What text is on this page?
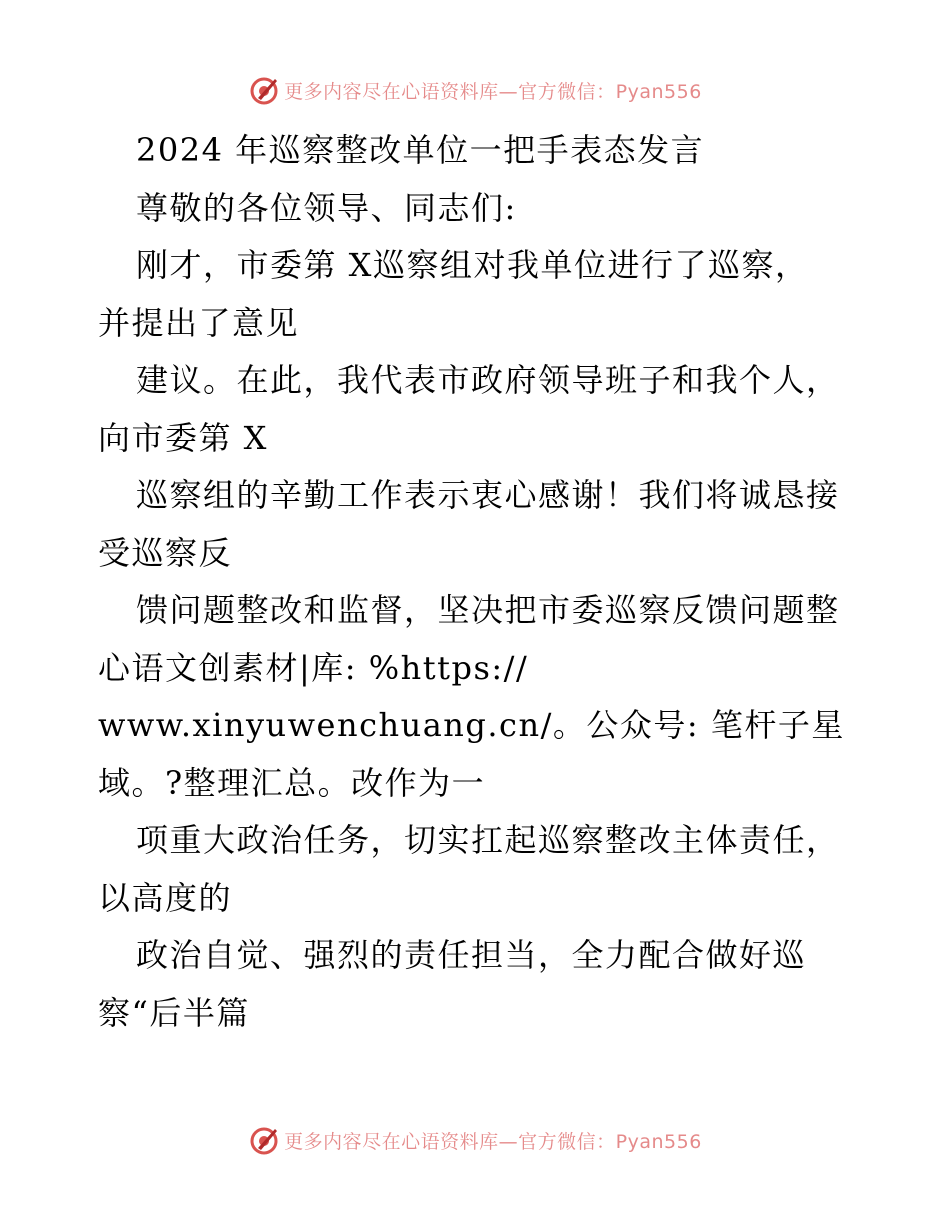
更多内容尽在心语资料库—官方微信：Pyan556
2024 年巡察整改单位一把手表态发言
尊敬的各位领导、同志们:
刚才，市委第 X巡察组对我单位进行了巡察，
并提出了意见
建议。在此，我代表市政府领导班子和我个人，
向市委第 X
巡察组的辛勤工作表示衷心感谢！我们将诚恳接
受巡察反
馈问题整改和监督，坚决把市委巡察反馈问题整
心语文创素材|库: %https://
www.xinyuwenchuang.cn/。公众号: 笔杆子星
域。?整理汇总。改作为一
项重大政治任务，切实扛起巡察整改主体责任，
以高度的
政治自觉、强烈的责任担当，全力配合做好巡
察“后半篇
更多内容尽在心语资料库—官方微信：Pyan556
